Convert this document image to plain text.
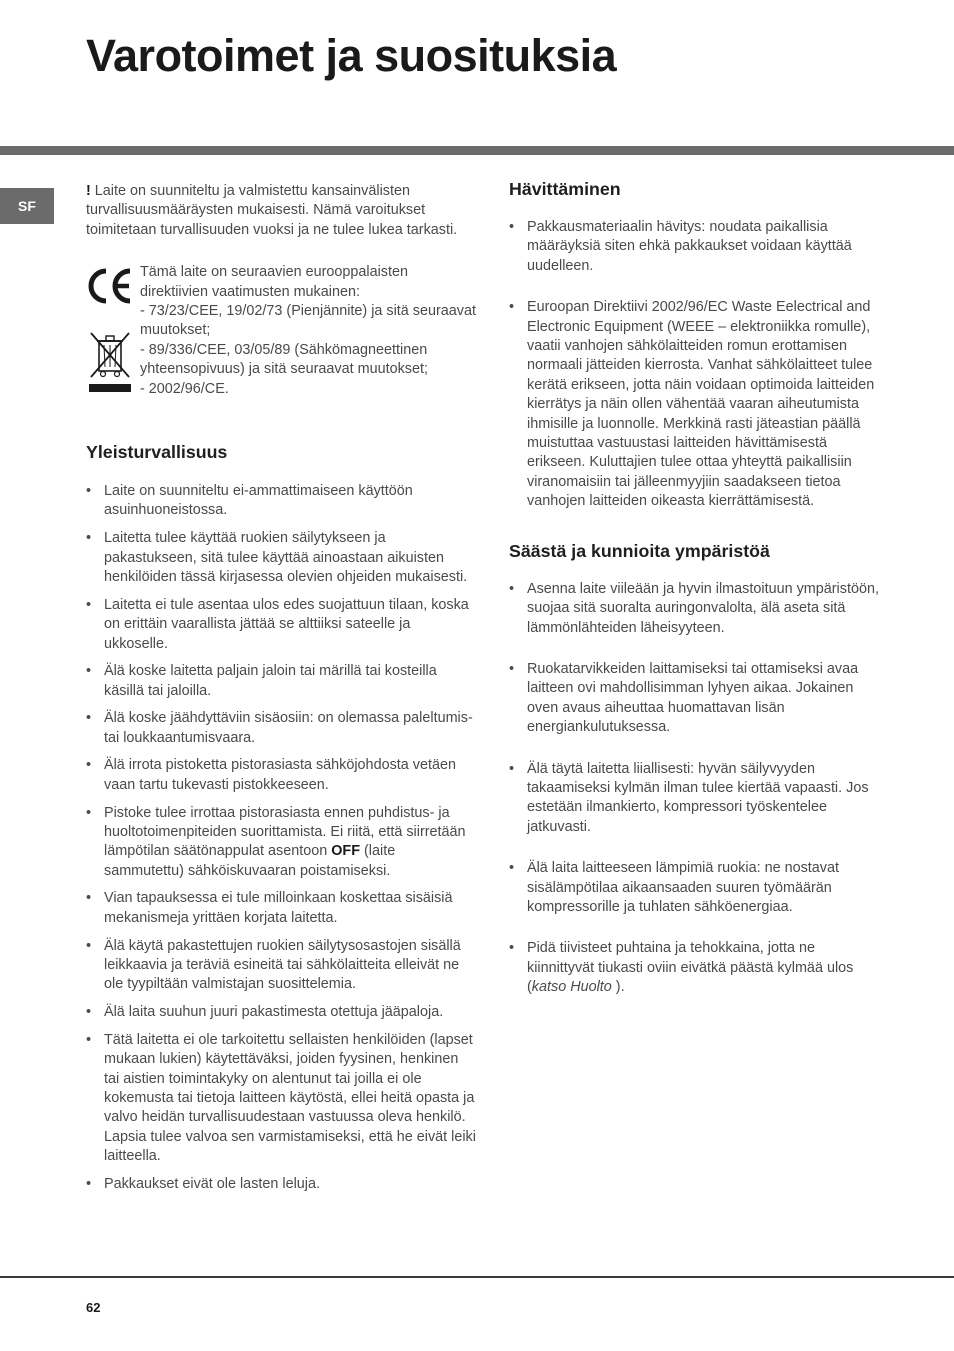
Varotoimet ja suosituksia
SF

! Laite on suunniteltu ja valmistettu kansainvälisten turvallisuusmääräysten mukaisesti. Nämä varoitukset toimitetaan turvallisuuden vuoksi ja ne tulee lukea tarkasti.

Tämä laite on seuraavien eurooppalaisten direktiivien vaatimusten mukainen:

- 73/23/CEE, 19/02/73 (Pienjännite) ja sitä seuraavat muutokset;

- 89/336/CEE, 03/05/89 (Sähkömagneettinen yhteensopivuus) ja sitä seuraavat muutokset;

- 2002/96/CE.

Yleisturvallisuus
• Laite on suunniteltu ei-ammattimaiseen käyttöön asuinhuoneistossa.
• Laitetta tulee käyttää ruokien säilytykseen ja pakastukseen, sitä tulee käyttää ainoastaan aikuisten henkilöiden tässä kirjasessa olevien ohjeiden mukaisesti.
• Laitetta ei tule asentaa ulos edes suojattuun tilaan, koska on erittäin vaarallista jättää se alttiiksi sateelle ja ukkoselle.
• Älä koske laitetta paljain jaloin tai märillä tai kosteilla käsillä tai jaloilla.
• Älä koske jäähdyttäviin sisäosiin: on olemassa paleltumis- tai loukkaantumisvaara.
• Älä irrota pistoketta pistorasiasta sähköjohdosta vetäen vaan tartu tukevasti pistokkeeseen.
• Pistoke tulee irrottaa pistorasiasta ennen puhdistus- ja huoltotoimenpiteiden suorittamista. Ei riitä, että siirretään lämpötilan säätönappulat asentoon OFF (laite sammutettu) sähköiskuvaaran poistamiseksi.
• Vian tapauksessa ei tule milloinkaan koskettaa sisäisiä mekanismeja yrittäen korjata laitetta.
• Älä käytä pakastettujen ruokien säilytysosastojen sisällä leikkaavia ja teräviä esineitä tai sähkölaitteita elleivät ne ole tyypiltään valmistajan suosittelemia.
• Älä laita suuhun juuri pakastimesta otettuja jääpaloja.
• Tätä laitetta ei ole tarkoitettu sellaisten henkilöiden (lapset mukaan lukien) käytettäväksi, joiden fyysinen, henkinen tai aistien toimintakyky on alentunut tai joilla ei ole kokemusta tai tietoja laitteen käytöstä, ellei heitä opasta ja valvo heidän turvallisuudestaan vastuussa oleva henkilö. Lapsia tulee valvoa sen varmistamiseksi, että he eivät leiki laitteella.
• Pakkaukset eivät ole lasten leluja.
Hävittäminen
• Pakkausmateriaalin hävitys: noudata paikallisia määräyksiä siten ehkä pakkaukset voidaan käyttää uudelleen.
• Euroopan Direktiivi 2002/96/EC Waste Eelectrical and Electronic Equipment (WEEE – elektroniikka romulle), vaatii vanhojen sähkölaitteiden romun erottamisen normaali jätteiden kierrosta. Vanhat sähkölaitteet tulee kerätä erikseen, jotta näin voidaan optimoida laitteiden kierrätys ja näin ollen vähentää vaaran aiheutumista ihmisille ja luonnolle. Merkkinä rasti jäteastian päällä muistuttaa vastuustasi laitteiden hävittämisestä erikseen. Kuluttajien tulee ottaa yhteyttä paikallisiin viranomaisiin tai jälleenmyyjiin saadakseen tietoa vanhojen laitteiden oikeasta kierrättämisestä.
Säästä ja kunnioita ympäristöä
• Asenna laite viileään ja hyvin ilmastoituun ympäristöön, suojaa sitä suoralta auringonvalolta, älä aseta sitä lämmönlähteiden läheisyyteen.
• Ruokatarvikkeiden laittamiseksi tai ottamiseksi avaa laitteen ovi mahdollisimman lyhyen aikaa. Jokainen oven avaus aiheuttaa huomattavan lisän energiankulutuksessa.
• Älä täytä laitetta liiallisesti: hyvän säilyvyyden takaamiseksi kylmän ilman tulee kiertää vapaasti. Jos estetään ilmankierto, kompressori työskentelee jatkuvasti.
• Älä laita laitteeseen lämpimiä ruokia: ne nostavat sisälämpötilaa aikaansaaden suuren työmäärän kompressorille ja tuhlaten sähköenergiaa.
• Pidä tiivisteet puhtaina ja tehokkaina, jotta ne kiinnittyvät tiukasti oviin eivätkä päästä kylmää ulos (katso Huolto ).
62
